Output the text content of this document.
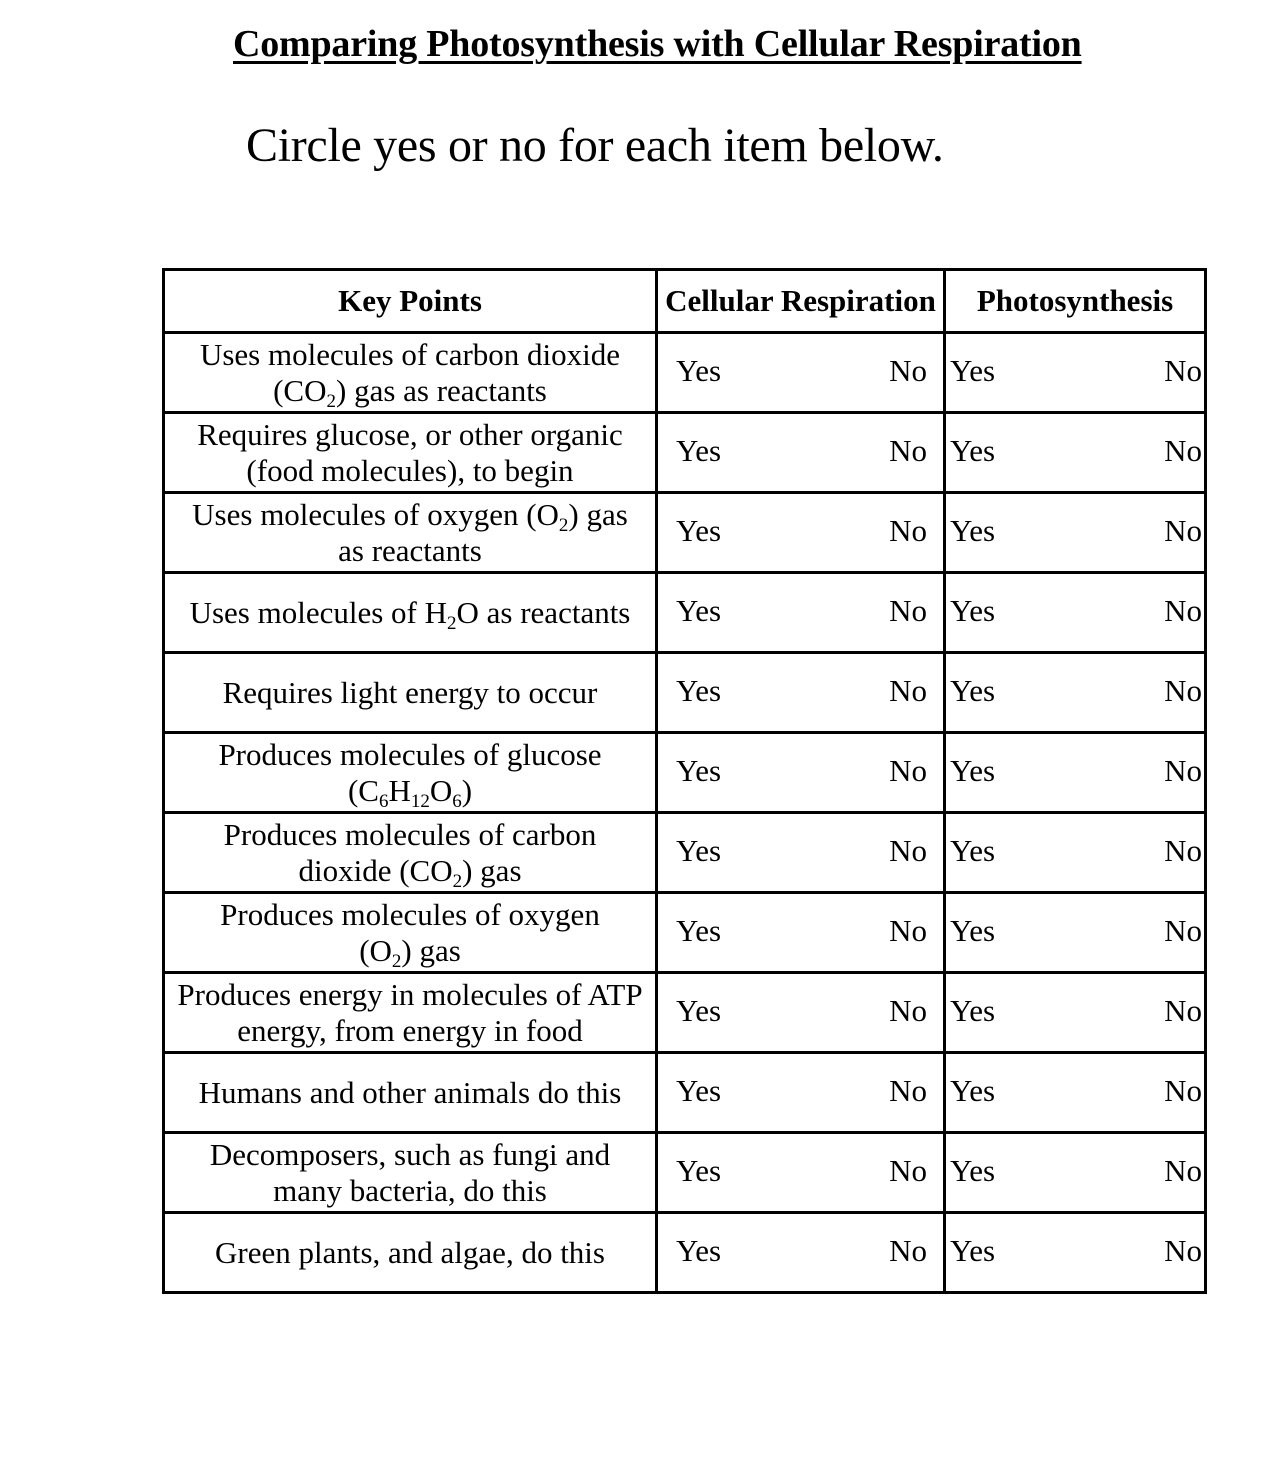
Comparing Photosynthesis with Cellular Respiration
Circle yes or no for each item below.
Key Points	Cellular Respiration	Photosynthesis
Uses molecules of carbon dioxide
$(CO_2)$ gas as reactants	Yes No	Yes No

Requires glucose, or other organic
(food molecules), to begin	Yes No	Yes No

Uses molecules of oxygen $(O_2)$ gas
as reactants	Yes No	Yes No

Uses molecules of $H_2O$ as reactants	Yes No	Yes No

Requires light energy to occur	Yes No	Yes No

Produces molecules of glucose
$(C_6H_{12}O_6)$	Yes No	Yes No

Produces molecules of carbon
dioxide $(CO_2)$ gas	Yes No	Yes No

Produces molecules of oxygen
$(O_2)$ gas	Yes No	Yes No

Produces energy in molecules of ATP
energy, from energy in food	Yes No	Yes No

Humans and other animals do this	Yes No	Yes No

Decomposers, such as fungi and
many bacteria, do this	Yes No	Yes No

Green plants, and algae, do this	Yes No	Yes No
